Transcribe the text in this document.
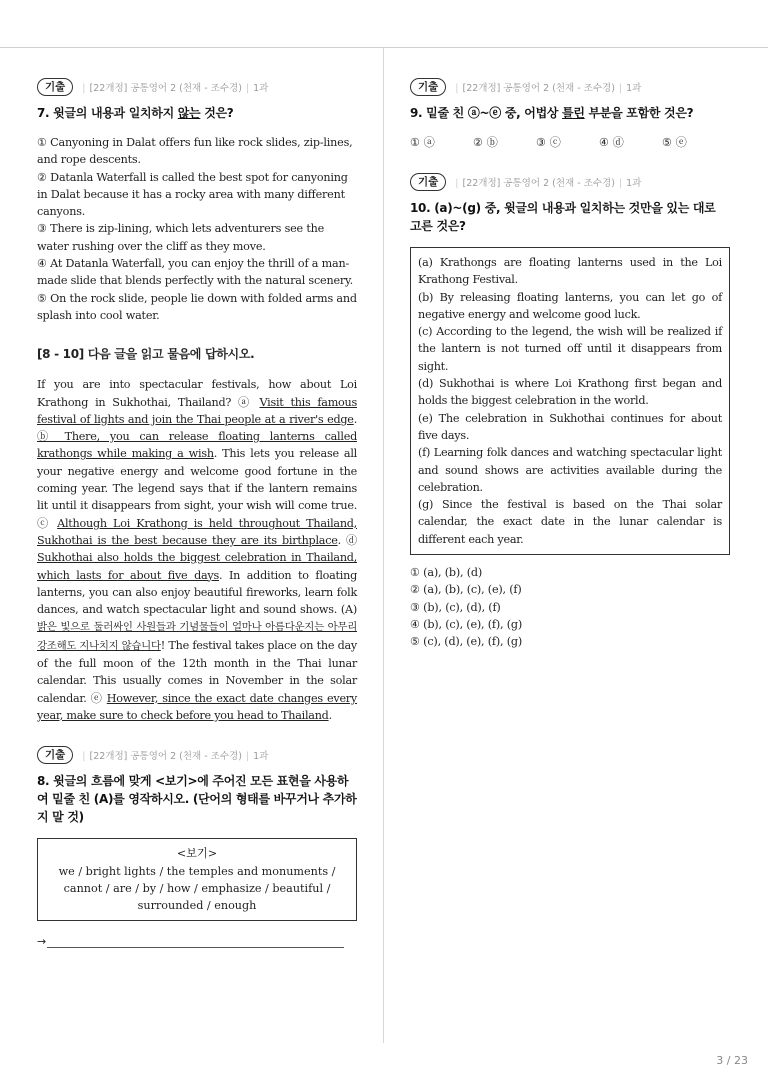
기출	| [22개정] 공통영어 2 (천재 - 조수경) | 1과
7. 윗글의 내용과 일치하지 않는 것은?
① Canyoning in Dalat offers fun like rock slides, zip-lines, and rope descents.
② Datanla Waterfall is called the best spot for canyoning in Dalat because it has a rocky area with many different canyons.
③ There is zip-lining, which lets adventurers see the water rushing over the cliff as they move.
④ At Datanla Waterfall, you can enjoy the thrill of a man-made slide that blends perfectly with the natural scenery.
⑤ On the rock slide, people lie down with folded arms and splash into cool water.
[8 - 10] 다음 글을 읽고 물음에 답하시오.
If you are into spectacular festivals, how about Loi Krathong in Sukhothai, Thailand? ⓐ Visit this famous festival of lights and join the Thai people at a river's edge. ⓑ There, you can release floating lanterns called krathongs while making a wish. This lets you release all your negative energy and welcome good fortune in the coming year. The legend says that if the lantern remains lit until it disappears from sight, your wish will come true. ⓒ Although Loi Krathong is held throughout Thailand, Sukhothai is the best because they are its birthplace. ⓓ Sukhothai also holds the biggest celebration in Thailand, which lasts for about five days. In addition to floating lanterns, you can also enjoy beautiful fireworks, learn folk dances, and watch spectacular light and sound shows. (A) 밝은 빛으로 둘러싸인 사원들과 기념물들이 얼마나 아름다운지는 아무리 강조해도 지나치지 않습니다! The festival takes place on the day of the full moon of the 12th month in the Thai lunar calendar. This usually comes in November in the solar calendar. ⓔ However, since the exact date changes every year, make sure to check before you head to Thailand.
기출	| [22개정] 공통영어 2 (천재 - 조수경) | 1과
8. 윗글의 흐름에 맞게 <보기>에 주어진 모든 표현을 사용하여 밑줄 친 (A)를 영작하시오. (단어의 형태를 바꾸거나 추가하지 말 것)
<보기>
we / bright lights / the temples and monuments / cannot / are / by / how / emphasize / beautiful / surrounded / enough
→
기출	| [22개정] 공통영어 2 (천재 - 조수경) | 1과
9. 밑줄 친 ⓐ~ⓔ 중, 어법상 틀린 부분을 포함한 것은?
① ⓐ	② ⓑ	③ ⓒ	④ ⓓ	⑤ ⓔ
기출	| [22개정] 공통영어 2 (천재 - 조수경) | 1과
10. (a)~(g) 중, 윗글의 내용과 일치하는 것만을 있는 대로 고른 것은?
(a) Krathongs are floating lanterns used in the Loi Krathong Festival.
(b) By releasing floating lanterns, you can let go of negative energy and welcome good luck.
(c) According to the legend, the wish will be realized if the lantern is not turned off until it disappears from sight.
(d) Sukhothai is where Loi Krathong first began and holds the biggest celebration in the world.
(e) The celebration in Sukhothai continues for about five days.
(f) Learning folk dances and watching spectacular light and sound shows are activities available during the celebration.
(g) Since the festival is based on the Thai solar calendar, the exact date in the lunar calendar is different each year.
① (a), (b), (d)
② (a), (b), (c), (e), (f)
③ (b), (c), (d), (f)
④ (b), (c), (e), (f), (g)
⑤ (c), (d), (e), (f), (g)
3 / 23
